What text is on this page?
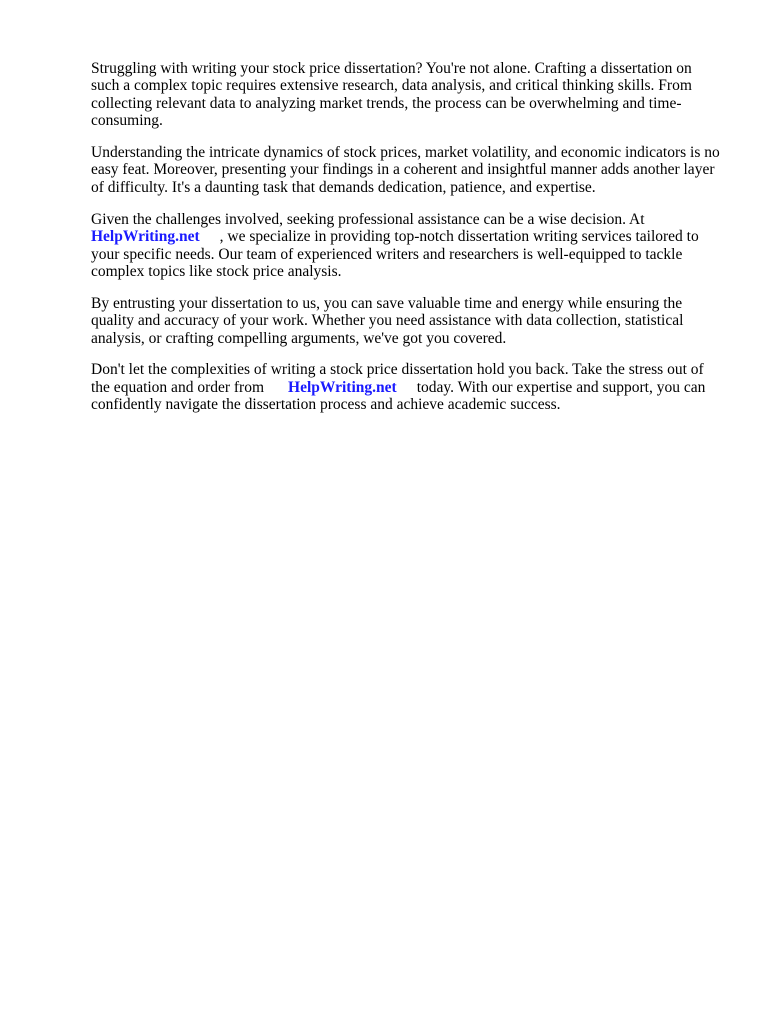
Struggling with writing your stock price dissertation? You're not alone. Crafting a dissertation on
such a complex topic requires extensive research, data analysis, and critical thinking skills. From
collecting relevant data to analyzing market trends, the process can be overwhelming and time-
consuming.
Understanding the intricate dynamics of stock prices, market volatility, and economic indicators is no
easy feat. Moreover, presenting your findings in a coherent and insightful manner adds another layer
of difficulty. It's a daunting task that demands dedication, patience, and expertise.
Given the challenges involved, seeking professional assistance can be a wise decision. At
HelpWriting.net , we specialize in providing top-notch dissertation writing services tailored to
your specific needs. Our team of experienced writers and researchers is well-equipped to tackle
complex topics like stock price analysis.
By entrusting your dissertation to us, you can save valuable time and energy while ensuring the
quality and accuracy of your work. Whether you need assistance with data collection, statistical
analysis, or crafting compelling arguments, we've got you covered.
Don't let the complexities of writing a stock price dissertation hold you back. Take the stress out of
the equation and order from HelpWriting.net today. With our expertise and support, you can
confidently navigate the dissertation process and achieve academic success.
